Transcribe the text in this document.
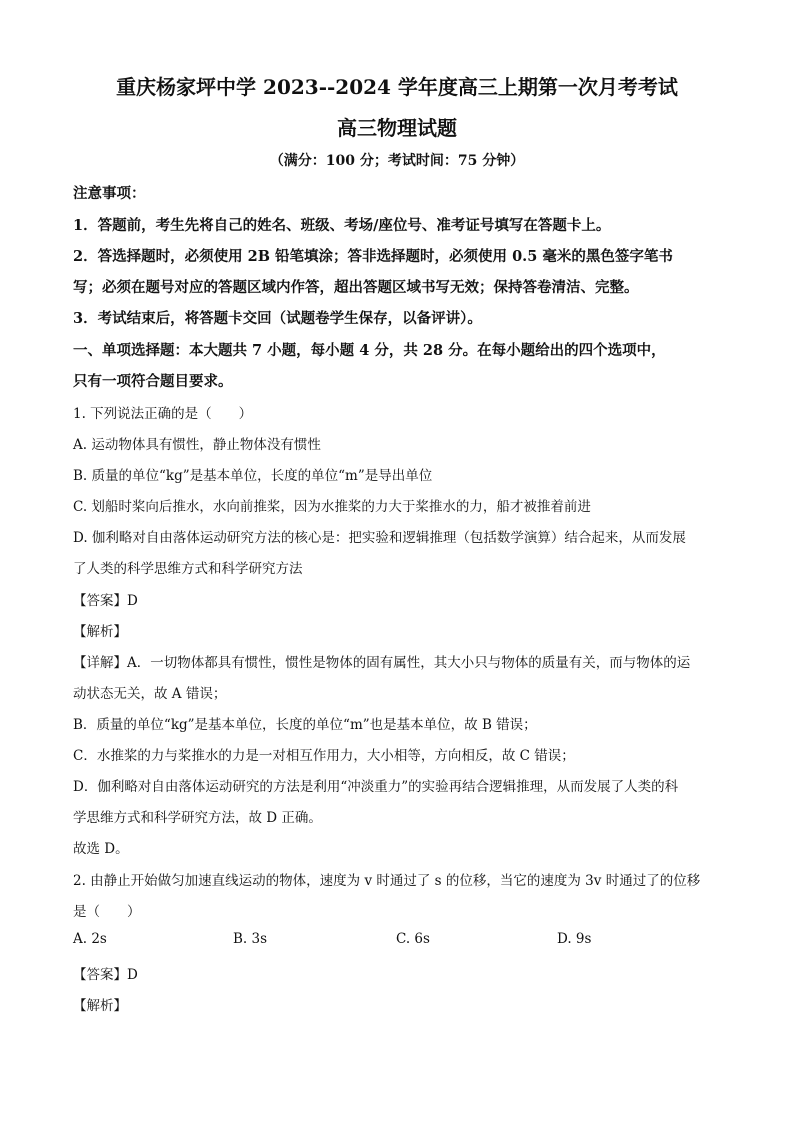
重庆杨家坪中学 2023--2024 学年度高三上期第一次月考考试
高三物理试题
（满分：100 分；考试时间：75 分钟）
注意事项：
1．答题前，考生先将自己的姓名、班级、考场/座位号、准考证号填写在答题卡上。
2．答选择题时，必须使用 2B 铅笔填涂；答非选择题时，必须使用 0.5 毫米的黑色签字笔书
写；必须在题号对应的答题区域内作答，超出答题区域书写无效；保持答卷清洁、完整。
3．考试结束后，将答题卡交回（试题卷学生保存，以备评讲）。
一、单项选择题：本大题共 7 小题，每小题 4 分，共 28 分。在每小题给出的四个选项中，
只有一项符合题目要求。
1. 下列说法正确的是（　　）
A. 运动物体具有惯性，静止物体没有惯性
B. 质量的单位“kg”是基本单位，长度的单位“m”是导出单位
C. 划船时桨向后推水，水向前推桨，因为水推桨的力大于桨推水的力，船才被推着前进
D. 伽利略对自由落体运动研究方法的核心是：把实验和逻辑推理（包括数学演算）结合起来，从而发展
了人类的科学思维方式和科学研究方法
【 答案 】 D
【 解析 】
【 详解 】 A．一切物体都具有惯性，惯性是物体的固有属性，其大小只与物体的质量有关，而与物体的运
动状态无关，故 A 错误；
B．质量的单位“kg”是基本单位，长度的单位“m”也是基本单位，故 B 错误；
C．水推桨的力与桨推水的力是一对相互作用力，大小相等，方向相反，故 C 错误；
D．伽利略对自由落体运动研究的方法是利用“冲淡重力”的实验再结合逻辑推理，从而发展了人类的科
学思维方式和科学研究方法，故 D 正确。
故选 D。
2. 由静止开始做匀加速直线运动的物体，速度为 v 时通过了 s 的位移，当它的速度为 3v 时通过了的位移
是（　　）
A. 2s	B. 3s	C. 6s	D. 9s
【 答案 】 D
【 解析 】
